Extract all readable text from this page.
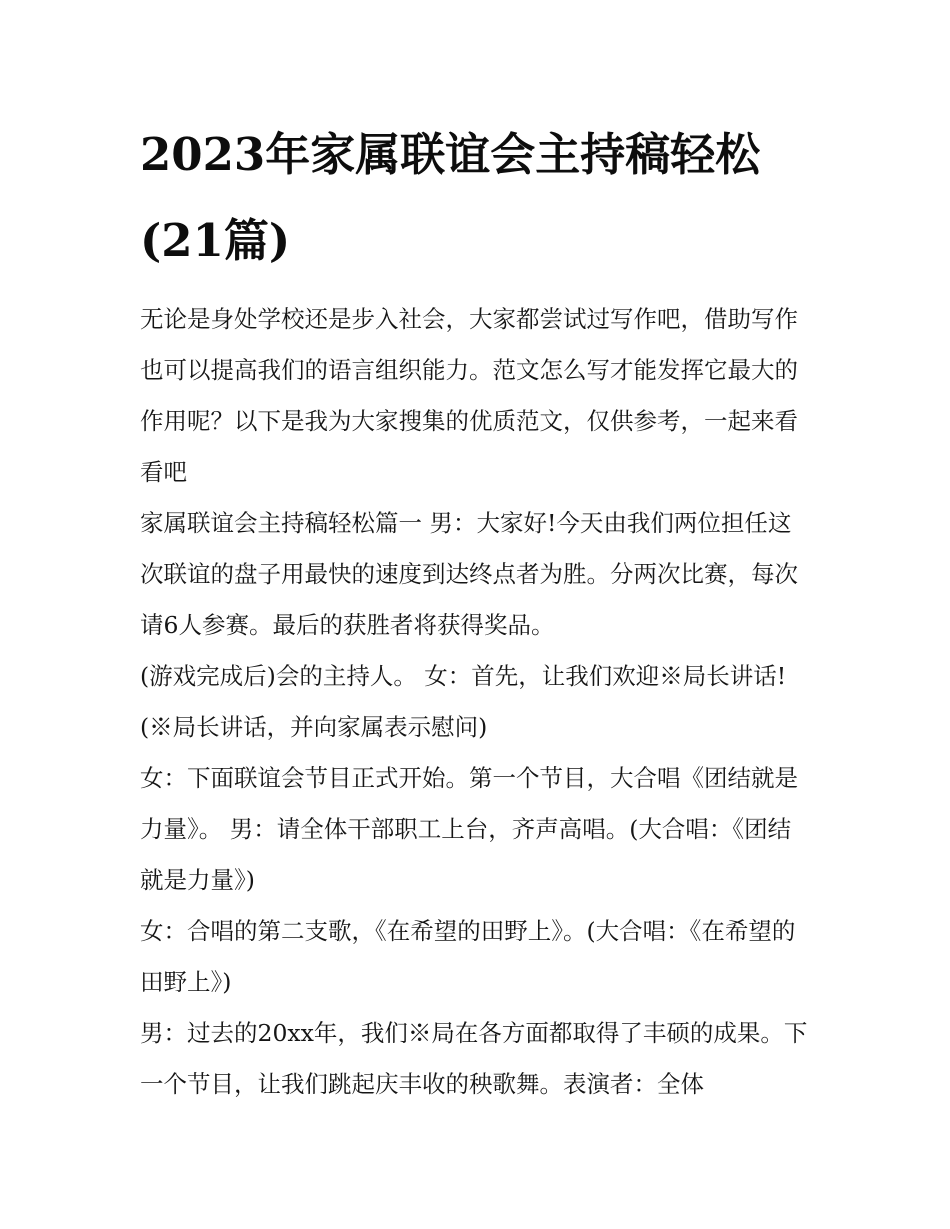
2023年家属联谊会主持稿轻松(21篇)

无论是身处学校还是步入社会，大家都尝试过写作吧，借助写作也可以提高我们的语言组织能力。范文怎么写才能发挥它最大的作用呢？以下是我为大家搜集的优质范文，仅供参考，一起来看看吧

家属联谊会主持稿轻松篇一 男：大家好!今天由我们两位担任这次联谊的盘子用最快的速度到达终点者为胜。分两次比赛，每次请6人参赛。最后的获胜者将获得奖品。

(游戏完成后)会的主持人。 女：首先，让我们欢迎※局长讲话!(※局长讲话，并向家属表示慰问)

女：下面联谊会节目正式开始。第一个节目，大合唱《团结就是力量》。 男：请全体干部职工上台，齐声高唱。(大合唱：《团结就是力量》)

女：合唱的第二支歌，《在希望的田野上》。(大合唱：《在希望的田野上》)

男：过去的20xx年，我们※局在各方面都取得了丰硕的成果。下一个节目，让我们跳起庆丰收的秧歌舞。表演者：全体
